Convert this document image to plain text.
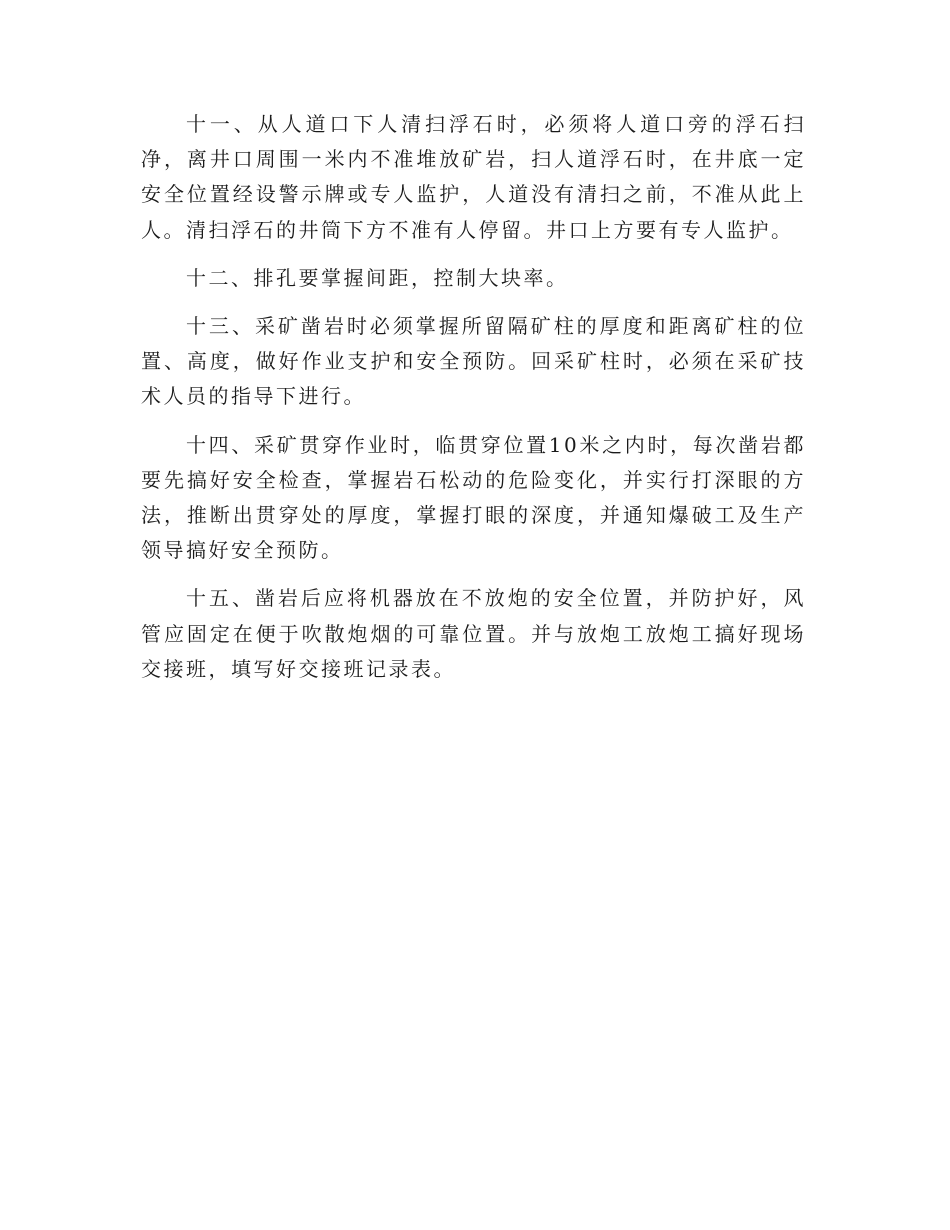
十一、从人道口下人清扫浮石时，必须将人道口旁的浮石扫净，离井口周围一米内不准堆放矿岩，扫人道浮石时，在井底一定安全位置经设警示牌或专人监护，人道没有清扫之前，不准从此上人。清扫浮石的井筒下方不准有人停留。井口上方要有专人监护。

十二、排孔要掌握间距，控制大块率。

十三、采矿凿岩时必须掌握所留隔矿柱的厚度和距离矿柱的位置、高度，做好作业支护和安全预防。回采矿柱时，必须在采矿技术人员的指导下进行。

十四、采矿贯穿作业时，临贯穿位置10米之内时，每次凿岩都要先搞好安全检查，掌握岩石松动的危险变化，并实行打深眼的方法，推断出贯穿处的厚度，掌握打眼的深度，并通知爆破工及生产领导搞好安全预防。

十五、凿岩后应将机器放在不放炮的安全位置，并防护好，风管应固定在便于吹散炮烟的可靠位置。并与放炮工放炮工搞好现场交接班，填写好交接班记录表。
